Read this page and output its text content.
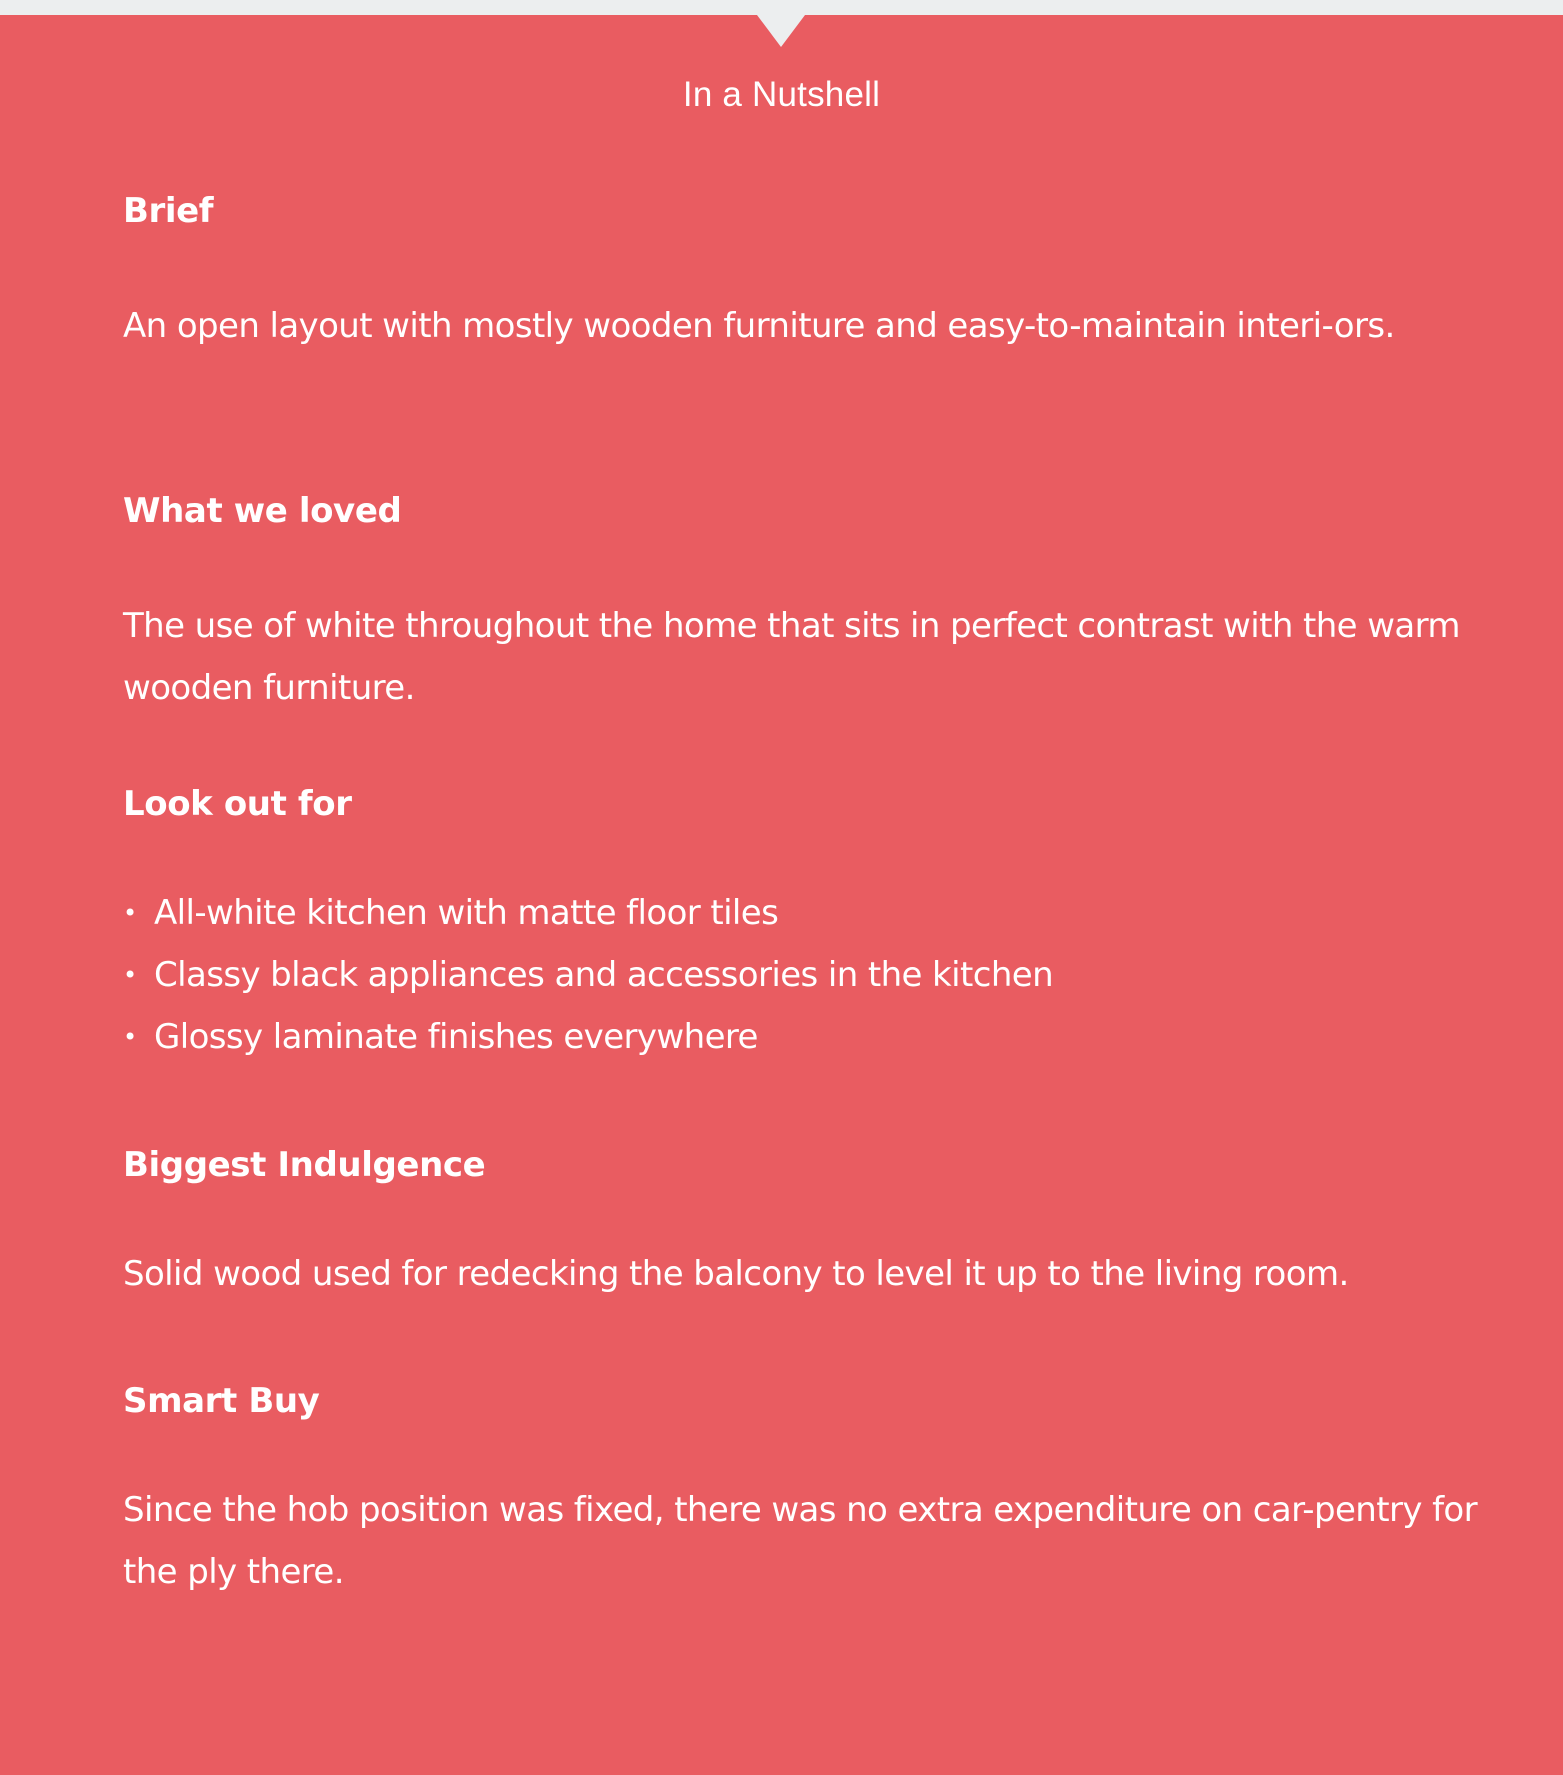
In a Nutshell
Brief

An open layout with mostly wooden furniture and easy-to-maintain interi-ors.

What we loved

The use of white throughout the home that sits in perfect contrast with the warm wooden furniture.

Look out for
• All-white kitchen with matte floor tiles
• Classy black appliances and accessories in the kitchen
• Glossy laminate finishes everywhere
Biggest Indulgence

Solid wood used for redecking the balcony to level it up to the living room.

Smart Buy

Since the hob position was fixed, there was no extra expenditure on car-pentry for the ply there.
